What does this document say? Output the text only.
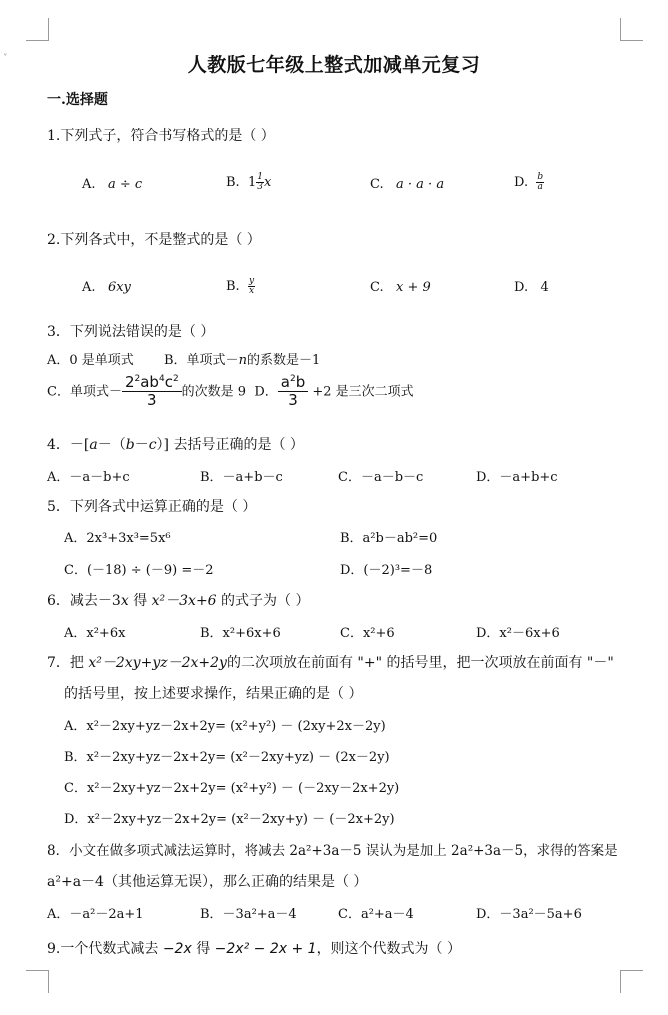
˅	人教版七年级上整式加减单元复习
一.选择题
1.下列式子，符合书写格式的是（ ）
A. a ÷ c	B. $1 \frac{1}{3}$ x	C. a · a · a	D. $\frac{b}{a}$
2.下列各式中，不是整式的是（ ）
A. 6xy	B. $\frac{y}{x}$	C. x + 9	D. 4
3．下列说法错误的是（ ）
A．0 是单项式 B．单项式－n的系数是－1
C．单项式－ $\frac{2^2ab^4c^2}{3}$ 的次数是 9 D． $\frac{a^2b}{3} +2$ 是三次二项式
4．－[a－（b－c）] 去括号正确的是（ ）
A．－a－b+c	B．－a+b－c	C．－a－b－c	D．－a+b+c
5．下列各式中运算正确的是（ ）
A．2x³+3x³=5x⁶	B．a²b－ab²=0
C．(－18) ÷ (－9) =－2	D．(－2)³=－8
6．减去－3x 得 x²－3x+6 的式子为（ ）
A．x²+6x	B．x²+6x+6	C．x²+6	D．x²－6x+6
7．把 x²－2xy+yz－2x+2y的二次项放在前面有 "+" 的括号里，把一次项放在前面有 "－"
的括号里，按上述要求操作，结果正确的是（ ）
A．x²－2xy+yz－2x+2y= (x²+y²) － (2xy+2x－2y)
B．x²－2xy+yz－2x+2y= (x²－2xy+yz) － (2x－2y)
C．x²－2xy+yz－2x+2y= (x²+y²) － (－2xy－2x+2y)
D．x²－2xy+yz－2x+2y= (x²－2xy+y) － (－2x+2y)
8．小文在做多项式减法运算时，将减去 2a²+3a－5 误认为是加上 2a²+3a－5，求得的答案是
a²+a－4（其他运算无误），那么正确的结果是（ ）
A．－a²－2a+1	B．－3a²+a－4	C．a²+a－4	D．－3a²－5a+6
9.一个代数式减去 −2x 得 −2x² − 2x + 1，则这个代数式为（ ）
